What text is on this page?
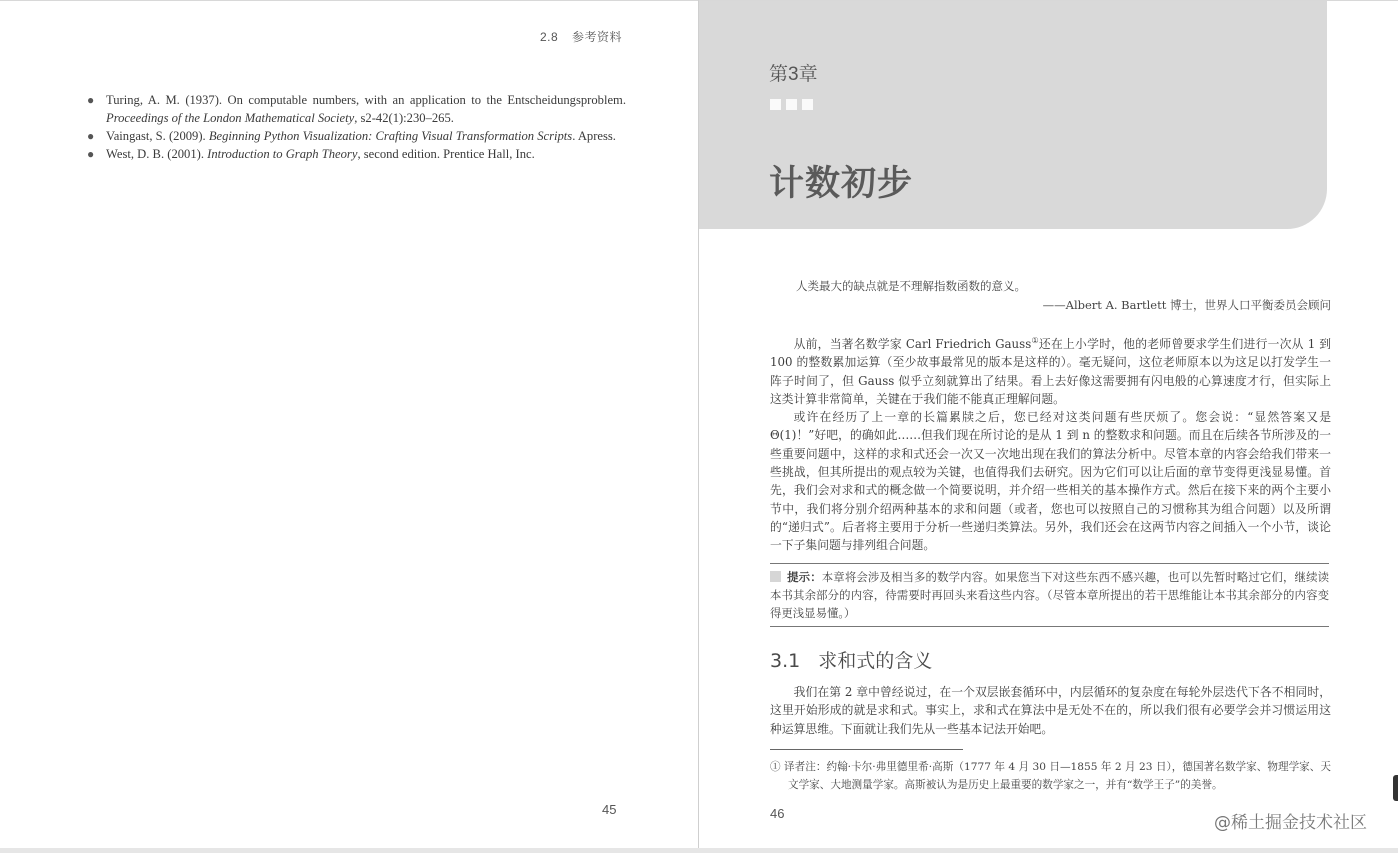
2.8 参考资料
● Turing, A. M. (1937). On computable numbers, with an application to the Entscheidungsproblem. Proceedings of the London Mathematical Society, s2-42(1):230–265.
● Vaingast, S. (2009). Beginning Python Visualization: Crafting Visual Transformation Scripts. Apress.
● West, D. B. (2001). Introduction to Graph Theory, second edition. Prentice Hall, Inc.
45
第3章
计数初步
人类最大的缺点就是不理解指数函数的意义。
——Albert A. Bartlett 博士，世界人口平衡委员会顾问

从前，当著名数学家 Carl Friedrich Gauss①还在上小学时，他的老师曾要求学生们进行一次从 1 到 100 的整数累加运算（至少故事最常见的版本是这样的）。毫无疑问，这位老师原本以为这足以打发学生一阵子时间了，但 Gauss 似乎立刻就算出了结果。看上去好像这需要拥有闪电般的心算速度才行，但实际上这类计算非常简单，关键在于我们能不能真正理解问题。

或许在经历了上一章的长篇累牍之后，您已经对这类问题有些厌烦了。您会说：“显然答案又是 Θ(1)！”好吧，的确如此……但我们现在所讨论的是从 1 到 n 的整数求和问题。而且在后续各节所涉及的一些重要问题中，这样的求和式还会一次又一次地出现在我们的算法分析中。尽管本章的内容会给我们带来一些挑战，但其所提出的观点较为关键，也值得我们去研究。因为它们可以让后面的章节变得更浅显易懂。首先，我们会对求和式的概念做一个简要说明，并介绍一些相关的基本操作方式。然后在接下来的两个主要小节中，我们将分别介绍两种基本的求和问题（或者，您也可以按照自己的习惯称其为组合问题）以及所谓的“递归式”。后者将主要用于分析一些递归类算法。另外，我们还会在这两节内容之间插入一个小节，谈论一下子集问题与排列组合问题。

提示：本章将会涉及相当多的数学内容。如果您当下对这些东西不感兴趣，也可以先暂时略过它们，继续读本书其余部分的内容，待需要时再回头来看这些内容。（尽管本章所提出的若干思维能让本书其余部分的内容变得更浅显易懂。）
3.1 求和式的含义

我们在第 2 章中曾经说过，在一个双层嵌套循环中，内层循环的复杂度在每轮外层迭代下各不相同时，这里开始形成的就是求和式。事实上，求和式在算法中是无处不在的，所以我们很有必要学会并习惯运用这种运算思维。下面就让我们先从一些基本记法开始吧。

① 译者注：约翰·卡尔·弗里德里希·高斯（1777 年 4 月 30 日—1855 年 2 月 23 日），德国著名数学家、物理学家、天文学家、大地测量学家。高斯被认为是历史上最重要的数学家之一，并有“数学王子”的美誉。
46	@稀土掘金技术社区
